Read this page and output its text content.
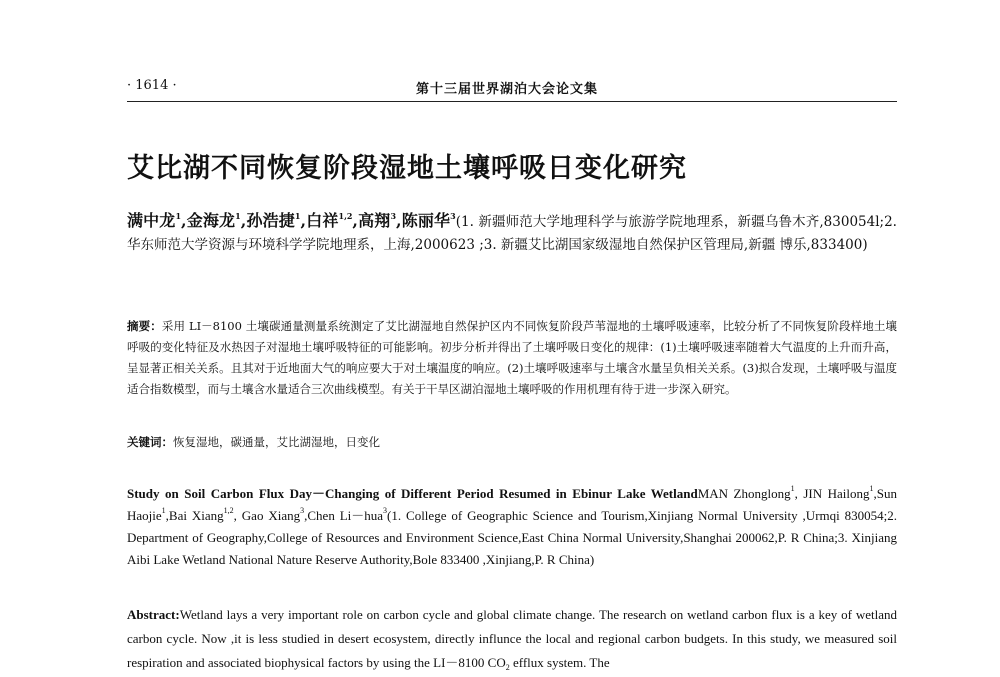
· 1614 ·	第十三届世界湖泊大会论文集
艾比湖不同恢复阶段湿地土壤呼吸日变化研究
满中龙$^1$,金海龙$^1$,孙浩捷$^1$,白祥$^{1,2}$,高翔$^3$,陈丽华$^3$(1. 新疆师范大学地理科学与旅游学院地理系，新疆乌鲁木齐,830054l;2. 华东师范大学资源与环境科学学院地理系，上海,2000623 ;3. 新疆艾比湖国家级湿地自然保护区管理局,新疆 博乐,833400)
摘要：采用 LI－8100 土壤碳通量测量系统测定了艾比湖湿地自然保护区内不同恢复阶段芦苇湿地的土壤呼吸速率，比较分析了不同恢复阶段样地土壤呼吸的变化特征及水热因子对湿地土壤呼吸特征的可能影响。初步分析并得出了土壤呼吸日变化的规律：(1)土壤呼吸速率随着大气温度的上升而升高，呈显著正相关关系。且其对于近地面大气的响应要大于对土壤温度的响应。(2)土壤呼吸速率与土壤含水量呈负相关关系。(3)拟合发现，土壤呼吸与温度适合指数模型，而与土壤含水量适合三次曲线模型。有关于干旱区湖泊湿地土壤呼吸的作用机理有待于进一步深入研究。
关键词：恢复湿地，碳通量，艾比湖湿地，日变化
Study on Soil Carbon Flux Day－Changing of Different Period Resumed in Ebinur Lake WetlandMAN Zhonglong$^1$, JIN Hailong$^1$,Sun Haojie$^1$,Bai Xiang$^{1,2}$, Gao Xiang$^3$,Chen Li－hua$^3$(1. College of Geographic Science and Tourism,Xinjiang Normal University ,Urmqi 830054;2. Department of Geography,College of Resources and Environment Science,East China Normal University,Shanghai 200062,P. R China;3. Xinjiang Aibi Lake Wetland National Nature Reserve Authority,Bole 833400 ,Xinjiang,P. R China)
Abstract:Wetland lays a very important role on carbon cycle and global climate change. The research on wetland carbon flux is a key of wetland carbon cycle. Now ,it is less studied in desert ecosystem, directly influnce the local and regional carbon budgets. In this study, we measured soil respiration and associated biophysical factors by using the LI－8100 $CO_2$ efflux system. The
